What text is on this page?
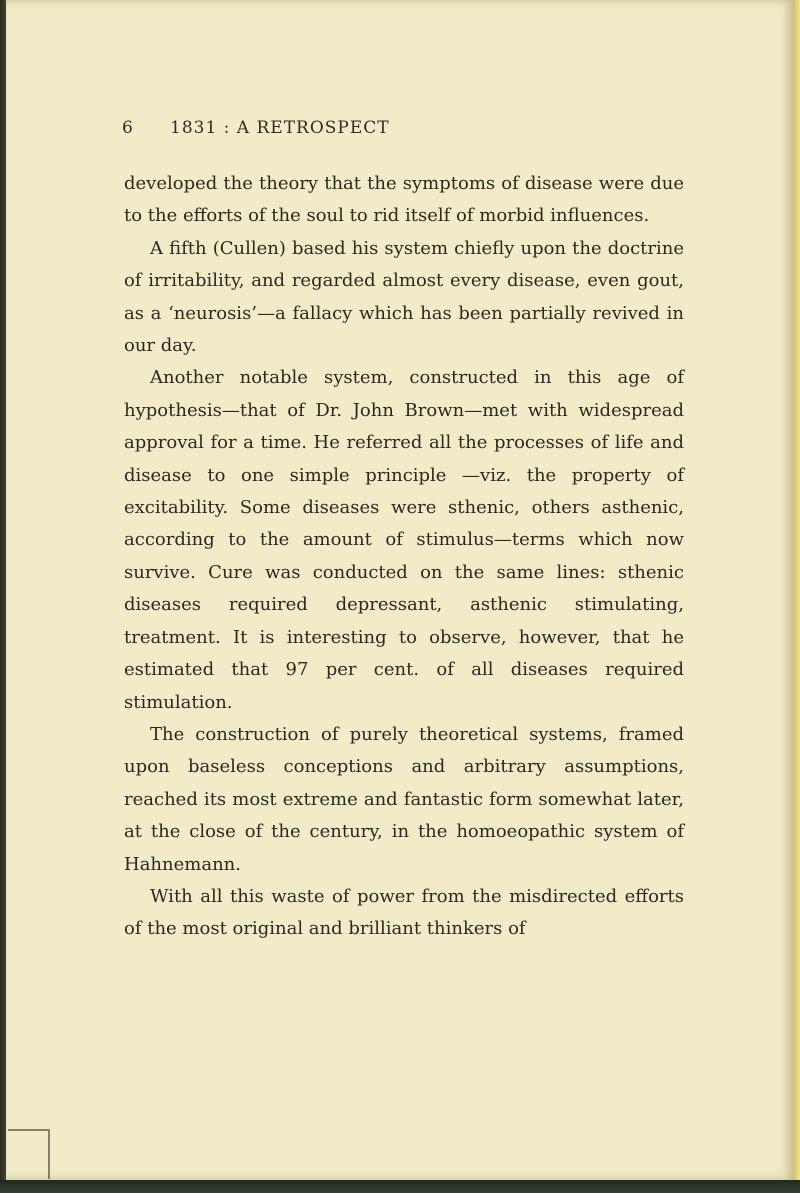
6 1831 : A RETROSPECT

developed the theory that the symptoms of disease were due to the efforts of the soul to rid itself of morbid influences.

A fifth (Cullen) based his system chiefly upon the doctrine of irritability, and regarded almost every disease, even gout, as a ‘neurosis’—a fallacy which has been partially revived in our day.

Another notable system, constructed in this age of hypothesis—that of Dr. John Brown—met with widespread approval for a time. He referred all the processes of life and disease to one simple principle —viz. the property of excitability. Some diseases were sthenic, others asthenic, according to the amount of stimulus—terms which now survive. Cure was conducted on the same lines: sthenic diseases required depressant, asthenic stimulating, treatment. It is interesting to observe, however, that he estimated that 97 per cent. of all diseases required stimulation.

The construction of purely theoretical systems, framed upon baseless conceptions and arbitrary assumptions, reached its most extreme and fantastic form somewhat later, at the close of the century, in the homoeopathic system of Hahnemann.

With all this waste of power from the misdirected efforts of the most original and brilliant thinkers of
